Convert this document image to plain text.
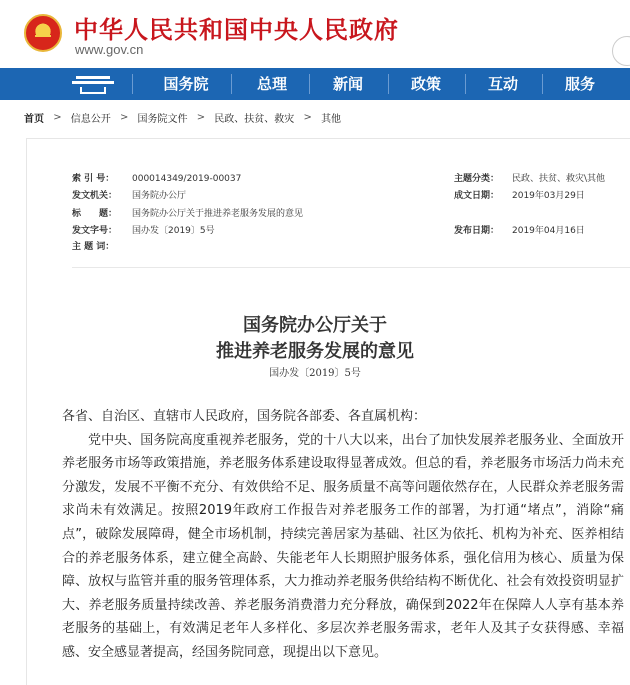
★ 中华人民共和国中央人民政府
www.gov.cn
国务院	总理	新闻	政策	互动	服务
首页 > 信息公开 > 国务院文件 > 民政、扶贫、救灾 > 其他
索 引 号：	000014349/2019-00037	主题分类：	民政、扶贫、救灾\其他
发文机关：	国务院办公厅	成文日期：	2019年03月29日
标　　题：	国务院办公厅关于推进养老服务发展的意见
发文字号：	国办发〔2019〕5号	发布日期：	2019年04月16日
主 题 词：
国务院办公厅关于
推进养老服务发展的意见
国办发〔2019〕5号
各省、自治区、直辖市人民政府，国务院各部委、各直属机构：
党中央、国务院高度重视养老服务，党的十八大以来，出台了加快发展养老服务业、全面放开养老服务市场等政策措施，养老服务体系建设取得显著成效。但总的看，养老服务市场活力尚未充分激发，发展不平衡不充分、有效供给不足、服务质量不高等问题依然存在，人民群众养老服务需求尚未有效满足。按照2019年政府工作报告对养老服务工作的部署，为打通“堵点”，消除“痛点”，破除发展障碍，健全市场机制，持续完善居家为基础、社区为依托、机构为补充、医养相结合的养老服务体系，建立健全高龄、失能老年人长期照护服务体系，强化信用为核心、质量为保障、放权与监管并重的服务管理体系，大力推动养老服务供给结构不断优化、社会有效投资明显扩大、养老服务质量持续改善、养老服务消费潜力充分释放，确保到2022年在保障人人享有基本养老服务的基础上，有效满足老年人多样化、多层次养老服务需求，老年人及其子女获得感、幸福感、安全感显著提高，经国务院同意，现提出以下意见。
